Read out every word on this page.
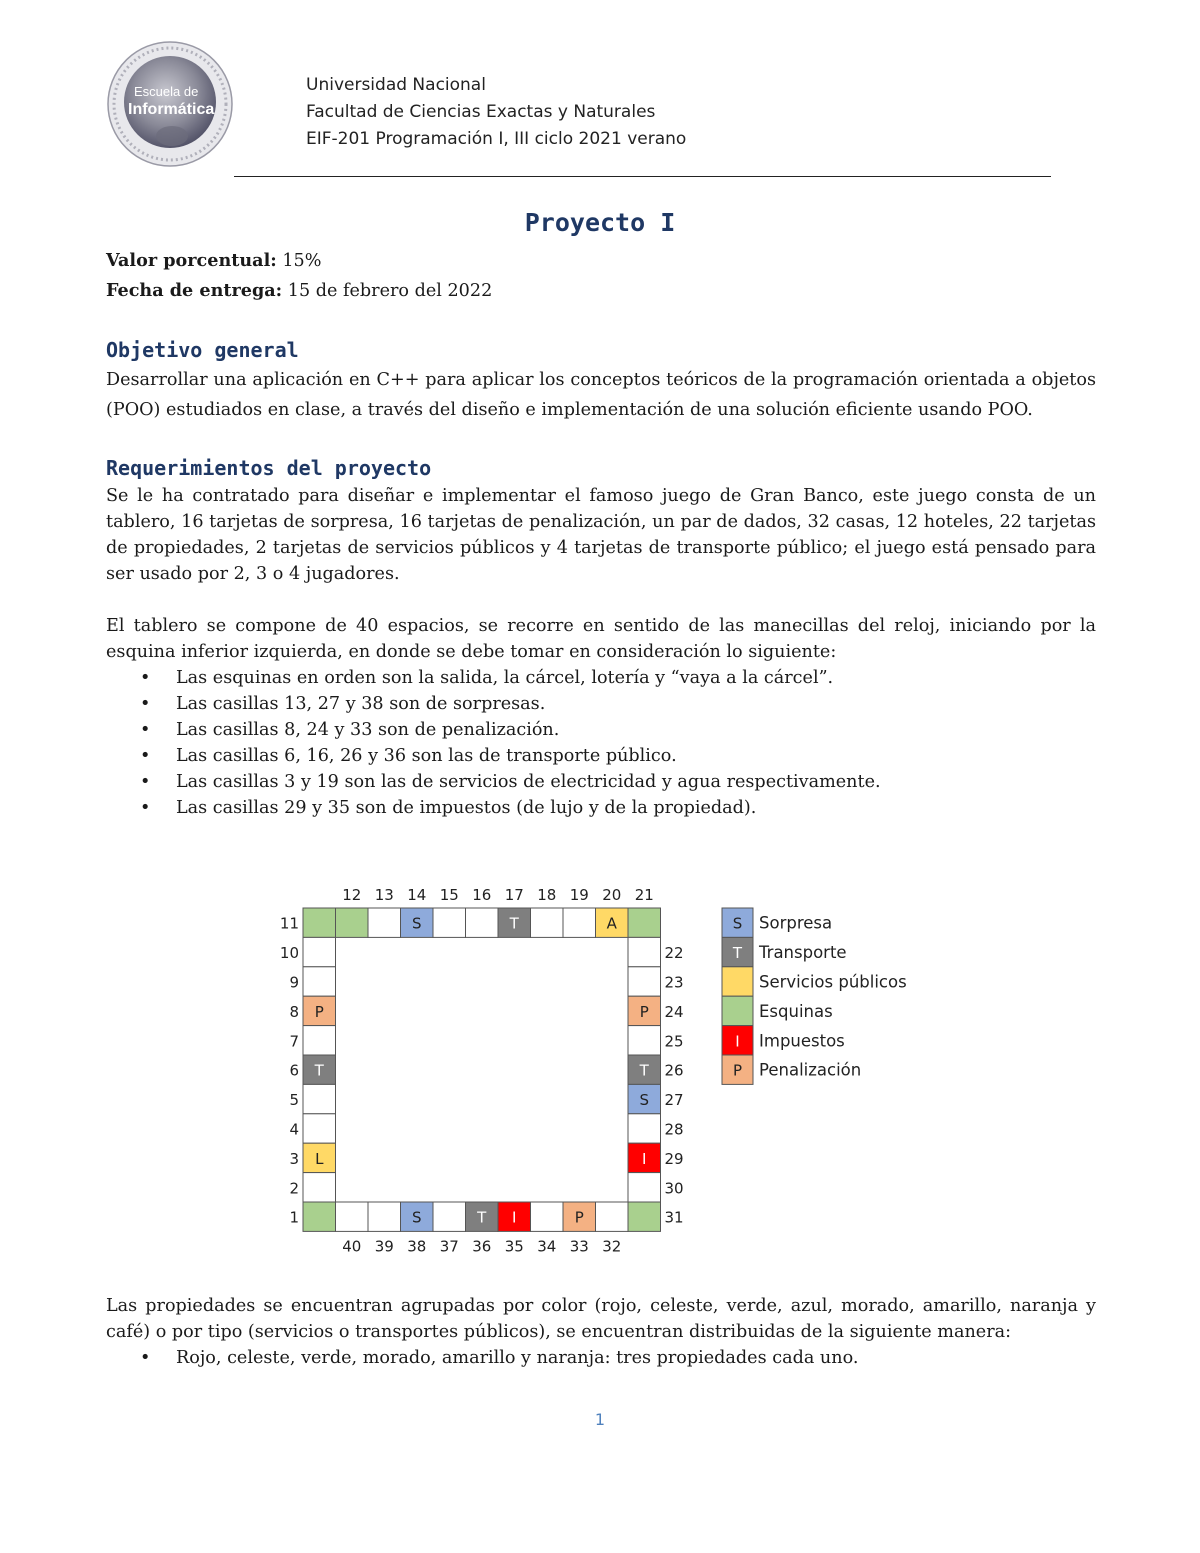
Escuela de
Informática
Universidad Nacional
Facultad de Ciencias Exactas y Naturales
EIF-201 Programación I, III ciclo 2021 verano
Proyecto I
Valor porcentual: 15%
Fecha de entrega: 15 de febrero del 2022
Objetivo general

Desarrollar una aplicación en C++ para aplicar los conceptos teóricos de la programación orientada a objetos (POO) estudiados en clase, a través del diseño e implementación de una solución eficiente usando POO.

Requerimientos del proyecto

Se le ha contratado para diseñar e implementar el famoso juego de Gran Banco, este juego consta de un tablero, 16 tarjetas de sorpresa, 16 tarjetas de penalización, un par de dados, 32 casas, 12 hoteles, 22 tarjetas de propiedades, 2 tarjetas de servicios públicos y 4 tarjetas de transporte público; el juego está pensado para ser usado por 2, 3 o 4 jugadores.

El tablero se compone de 40 espacios, se recorre en sentido de las manecillas del reloj, iniciando por la esquina inferior izquierda, en donde se debe tomar en consideración lo siguiente:

• Las esquinas en orden son la salida, la cárcel, lotería y “vaya a la cárcel”.
• Las casillas 13, 27 y 38 son de sorpresas.
• Las casillas 8, 24 y 33 son de penalización.
• Las casillas 6, 16, 26 y 36 son las de transporte público.
• Las casillas 3 y 19 son las de servicios de electricidad y agua respectivamente.
• Las casillas 29 y 35 son de impuestos (de lujo y de la propiedad).
P
T
L
11
10
9
8
7
6
5
4
3
2
1
S	T	A
12 13 14 15 16 17 18 19 20 21
P
T
S
I
22
23
24
25
26
27
28
29
30
31
S	T I	P
40 39 38 37 36 35 34 33 32
S Sorpresa
T Transporte
Servicios públicos
Esquinas
I Impuestos
P Penalización

Las propiedades se encuentran agrupadas por color (rojo, celeste, verde, azul, morado, amarillo, naranja y café) o por tipo (servicios o transportes públicos), se encuentran distribuidas de la siguiente manera:

• Rojo, celeste, verde, morado, amarillo y naranja: tres propiedades cada uno.
1
